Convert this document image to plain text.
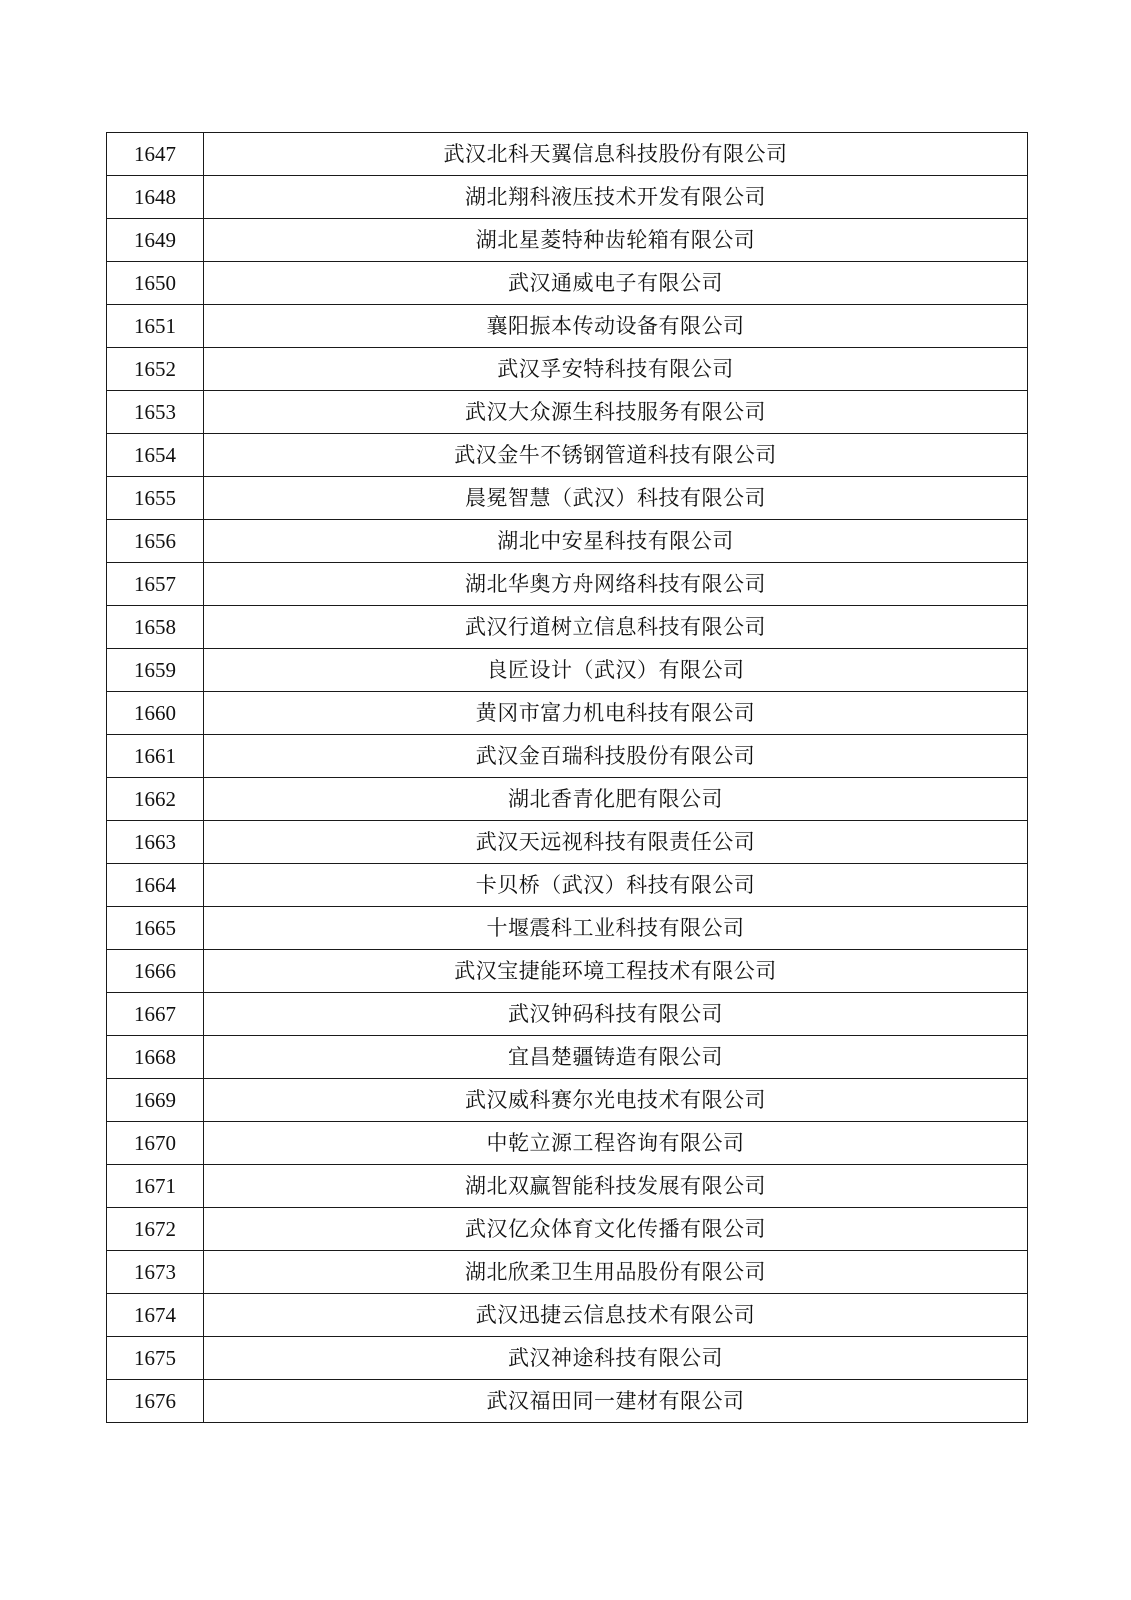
1647	武汉北科天翼信息科技股份有限公司
1648	湖北翔科液压技术开发有限公司
1649	湖北星菱特种齿轮箱有限公司
1650	武汉通威电子有限公司
1651	襄阳振本传动设备有限公司
1652	武汉孚安特科技有限公司
1653	武汉大众源生科技服务有限公司
1654	武汉金牛不锈钢管道科技有限公司
1655	晨冕智慧（武汉）科技有限公司
1656	湖北中安星科技有限公司
1657	湖北华奥方舟网络科技有限公司
1658	武汉行道树立信息科技有限公司
1659	良匠设计（武汉）有限公司
1660	黄冈市富力机电科技有限公司
1661	武汉金百瑞科技股份有限公司
1662	湖北香青化肥有限公司
1663	武汉天远视科技有限责任公司
1664	卡贝桥（武汉）科技有限公司
1665	十堰震科工业科技有限公司
1666	武汉宝捷能环境工程技术有限公司
1667	武汉钟码科技有限公司
1668	宜昌楚疆铸造有限公司
1669	武汉威科赛尔光电技术有限公司
1670	中乾立源工程咨询有限公司
1671	湖北双赢智能科技发展有限公司
1672	武汉亿众体育文化传播有限公司
1673	湖北欣柔卫生用品股份有限公司
1674	武汉迅捷云信息技术有限公司
1675	武汉神途科技有限公司
1676	武汉福田同一建材有限公司
